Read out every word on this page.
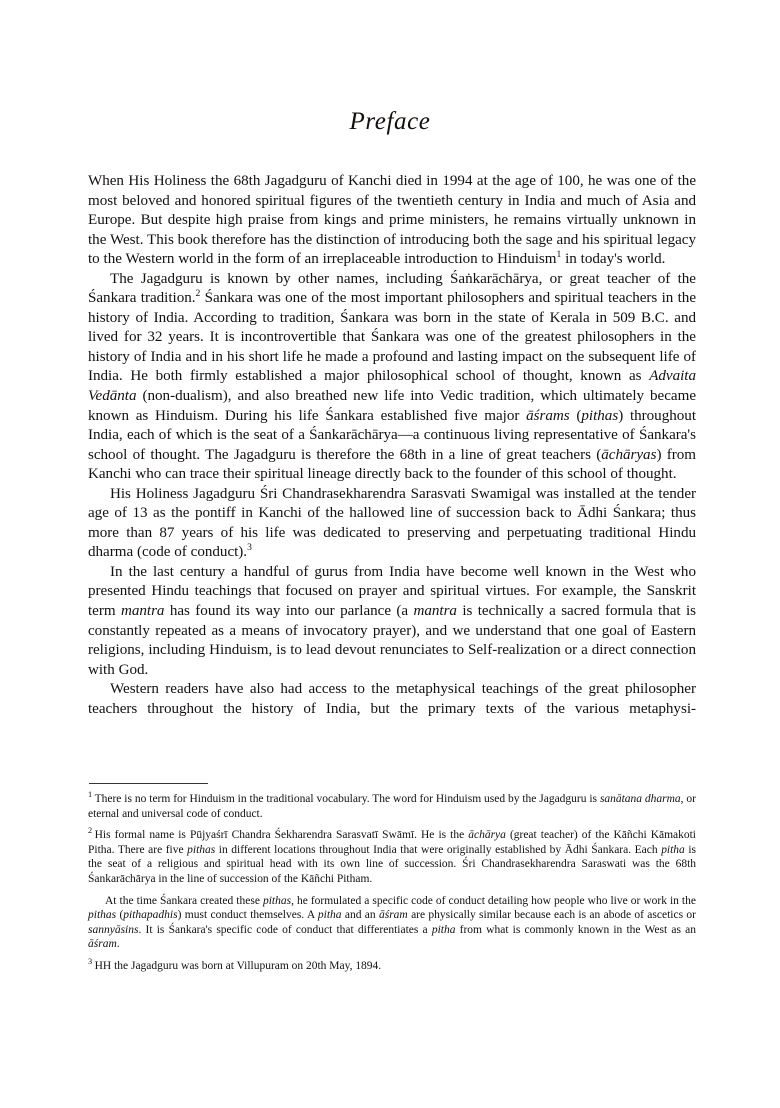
Preface

When His Holiness the 68th Jagadguru of Kanchi died in 1994 at the age of 100, he was one of the most beloved and honored spiritual figures of the twentieth century in India and much of Asia and Europe. But despite high praise from kings and prime ministers, he remains virtually unknown in the West. This book therefore has the distinction of introducing both the sage and his spiritual legacy to the Western world in the form of an irreplaceable introduction to Hinduism$^1$ in today's world.

The Jagadguru is known by other names, including Śaṅkarāchārya, or great teacher of the Śankara tradition.$^2$ Śankara was one of the most important philosophers and spiritual teachers in the history of India. According to tradition, Śankara was born in the state of Kerala in 509 B.C. and lived for 32 years. It is incontrovertible that Śankara was one of the greatest philosophers in the history of India and in his short life he made a profound and lasting impact on the subsequent life of India. He both firmly established a major philosophical school of thought, known as Advaita Vedānta (non-dualism), and also breathed new life into Vedic tradition, which ultimately became known as Hinduism. During his life Śankara established five major āśrams (pithas) throughout India, each of which is the seat of a Śankarāchārya—a continuous living representative of Śankara's school of thought. The Jagadguru is therefore the 68th in a line of great teachers (āchāryas) from Kanchi who can trace their spiritual lineage directly back to the founder of this school of thought.

His Holiness Jagadguru Śri Chandrasekharendra Sarasvati Swamigal was installed at the tender age of 13 as the pontiff in Kanchi of the hallowed line of succession back to Ādhi Śankara; thus more than 87 years of his life was dedicated to preserving and perpetuating traditional Hindu dharma (code of conduct).$^3$

In the last century a handful of gurus from India have become well known in the West who presented Hindu teachings that focused on prayer and spiritual virtues. For example, the Sanskrit term mantra has found its way into our parlance (a mantra is technically a sacred formula that is constantly repeated as a means of invocatory prayer), and we understand that one goal of Eastern religions, including Hinduism, is to lead devout renunciates to Self-realization or a direct connection with God.

Western readers have also had access to the metaphysical teachings of the great philosopher teachers throughout the history of India, but the primary texts of the various metaphysi-

$^1$ There is no term for Hinduism in the traditional vocabulary. The word for Hinduism used by the Jagadguru is sanātana dharma, or eternal and universal code of conduct.

$^2$ His formal name is Pūjyaśrī Chandra Śekharendra Sarasvatī Swāmī. He is the āchārya (great teacher) of the Kāñchi Kāmakoti Pitha. There are five pithas in different locations throughout India that were originally established by Ādhi Śankara. Each pitha is the seat of a religious and spiritual head with its own line of succession. Śri Chandrasekharendra Saraswati was the 68th Śankarāchārya in the line of succession of the Kāñchi Pitham.

At the time Śankara created these pithas, he formulated a specific code of conduct detailing how people who live or work in the pithas (pithapadhis) must conduct themselves. A pitha and an āśram are physically similar because each is an abode of ascetics or sannyāsins. It is Śankara's specific code of conduct that differentiates a pitha from what is commonly known in the West as an āśram.

$^3$ HH the Jagadguru was born at Villupuram on 20th May, 1894.
